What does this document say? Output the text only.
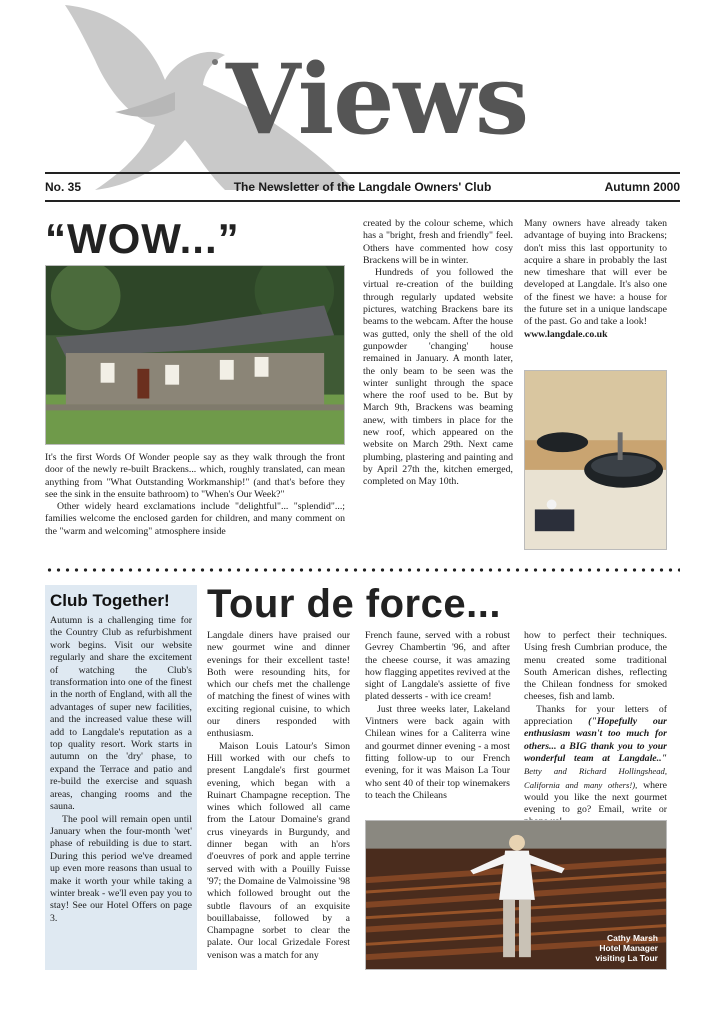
Views
No. 35	The Newsletter of the Langdale Owners' Club	Autumn 2000
“WOW...”

It's the first Words Of Wonder people say as they walk through the front door of the newly re-built Brackens... which, roughly translated, can mean anything from "What Outstanding Workmanship!" (and that's before they see the sink in the ensuite bathroom) to "When's Our Week?"

Other widely heard exclamations include "delightful"... "splendid"...; families welcome the enclosed garden for children, and many comment on the "warm and welcoming" atmosphere inside

created by the colour scheme, which has a "bright, fresh and friendly" feel. Others have commented how cosy Brackens will be in winter.

Hundreds of you followed the virtual re-creation of the building through regularly updated website pictures, watching Brackens bare its beams to the webcam. After the house was gutted, only the shell of the old gunpowder 'changing' house remained in January. A month later, the only beam to be seen was the winter sunlight through the space where the roof used to be. But by March 9th, Brackens was beaming anew, with timbers in place for the new roof, which appeared on the website on March 29th. Next came plumbing, plastering and painting and by April 27th the, kitchen emerged, completed on May 10th.

Many owners have already taken advantage of buying into Brackens; don't miss this last opportunity to acquire a share in probably the last new timeshare that will ever be developed at Langdale. It's also one of the finest we have: a house for the future set in a unique landscape of the past. Go and take a look!

www.langdale.co.uk

Club Together!

Autumn is a challenging time for the Country Club as refurbishment work begins. Visit our website regularly and share the excitement of watching the Club's transformation into one of the finest in the north of England, with all the advantages of super new facilities, and the increased value these will add to Langdale's reputation as a top quality resort. Work starts in autumn on the 'dry' phase, to expand the Terrace and patio and re-build the exercise and squash areas, changing rooms and the sauna.

The pool will remain open until January when the four-month 'wet' phase of rebuilding is due to start. During this period we've dreamed up even more reasons than usual to make it worth your while taking a winter break - we'll even pay you to stay! See our Hotel Offers on page 3.

Tour de force...

Langdale diners have praised our new gourmet wine and dinner evenings for their excellent taste! Both were resounding hits, for which our chefs met the challenge of matching the finest of wines with exciting regional cuisine, to which our diners responded with enthusiasm.

Maison Louis Latour's Simon Hill worked with our chefs to present Langdale's first gourmet evening, which began with a Ruinart Champagne reception. The wines which followed all came from the Latour Domaine's grand crus vineyards in Burgundy, and dinner began with an h'ors d'oeuvres of pork and apple terrine served with with a Pouilly Fuisse '97; the Domaine de Valmoissine '98 which followed brought out the subtle flavours of an exquisite bouillabaisse, followed by a Champagne sorbet to clear the palate. Our local Grizedale Forest venison was a match for any

French faune, served with a robust Gevrey Chambertin '96, and after the cheese course, it was amazing how flagging appetites revived at the sight of Langdale's assiette of five plated desserts - with ice cream!

Just three weeks later, Lakeland Vintners were back again with Chilean wines for a Caliterra wine and gourmet dinner evening - a most fitting follow-up to our French evening, for it was Maison La Tour who sent 40 of their top winemakers to teach the Chileans

how to perfect their techniques. Using fresh Cumbrian produce, the menu created some traditional South American dishes, reflecting the Chilean fondness for smoked cheeses, fish and lamb.

Thanks for your letters of appreciation ("Hopefully our enthusiasm wasn't too much for others... a BIG thank you to your wonderful team at Langdale.." Betty and Richard Hollingshead, California and many others!), where would you like the next gourmet evening to go? Email, write or

Cathy Marsh
Hotel Manager
visiting La Tour
